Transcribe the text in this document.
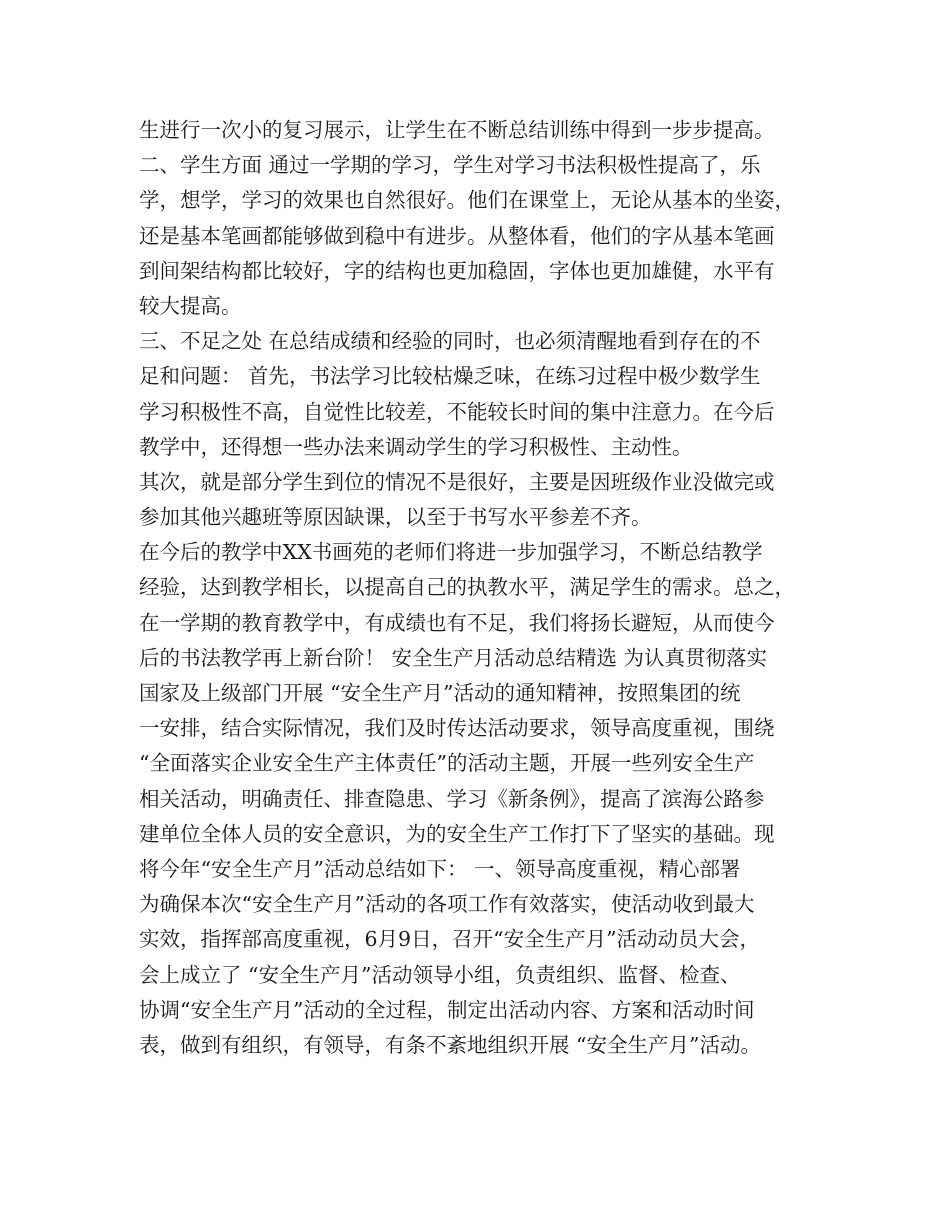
生进行一次小的复习展示，让学生在不断总结训练中得到一步步提高。
二、学生方面 通过一学期的学习，学生对学习书法积极性提高了，乐
学，想学，学习的效果也自然很好。他们在课堂上，无论从基本的坐姿，
还是基本笔画都能够做到稳中有进步。从整体看，他们的字从基本笔画
到间架结构都比较好，字的结构也更加稳固，字体也更加雄健，水平有
较大提高。
三、不足之处 在总结成绩和经验的同时，也必须清醒地看到存在的不
足和问题： 首先，书法学习比较枯燥乏味，在练习过程中极少数学生
学习积极性不高，自觉性比较差，不能较长时间的集中注意力。在今后
教学中，还得想一些办法来调动学生的学习积极性、主动性。
其次，就是部分学生到位的情况不是很好，主要是因班级作业没做完或
参加其他兴趣班等原因缺课，以至于书写水平参差不齐。
在今后的教学中XX书画苑的老师们将进一步加强学习，不断总结教学
经验，达到教学相长，以提高自己的执教水平，满足学生的需求。总之，
在一学期的教育教学中，有成绩也有不足，我们将扬长避短，从而使今
后的书法教学再上新台阶！ 安全生产月活动总结精选 为认真贯彻落实
国家及上级部门开展 “安全生产月”活动的通知精神，按照集团的统
一安排，结合实际情况，我们及时传达活动要求，领导高度重视，围绕
“全面落实企业安全生产主体责任”的活动主题，开展一些列安全生产
相关活动，明确责任、排查隐患、学习《新条例》，提高了滨海公路参
建单位全体人员的安全意识，为的安全生产工作打下了坚实的基础。现
将今年“安全生产月”活动总结如下： 一、领导高度重视，精心部署
为确保本次“安全生产月”活动的各项工作有效落实，使活动收到最大
实效，指挥部高度重视，6月9日，召开“安全生产月”活动动员大会，
会上成立了 “安全生产月”活动领导小组，负责组织、监督、检查、
协调“安全生产月”活动的全过程，制定出活动内容、方案和活动时间
表，做到有组织，有领导，有条不紊地组织开展 “安全生产月”活动。
